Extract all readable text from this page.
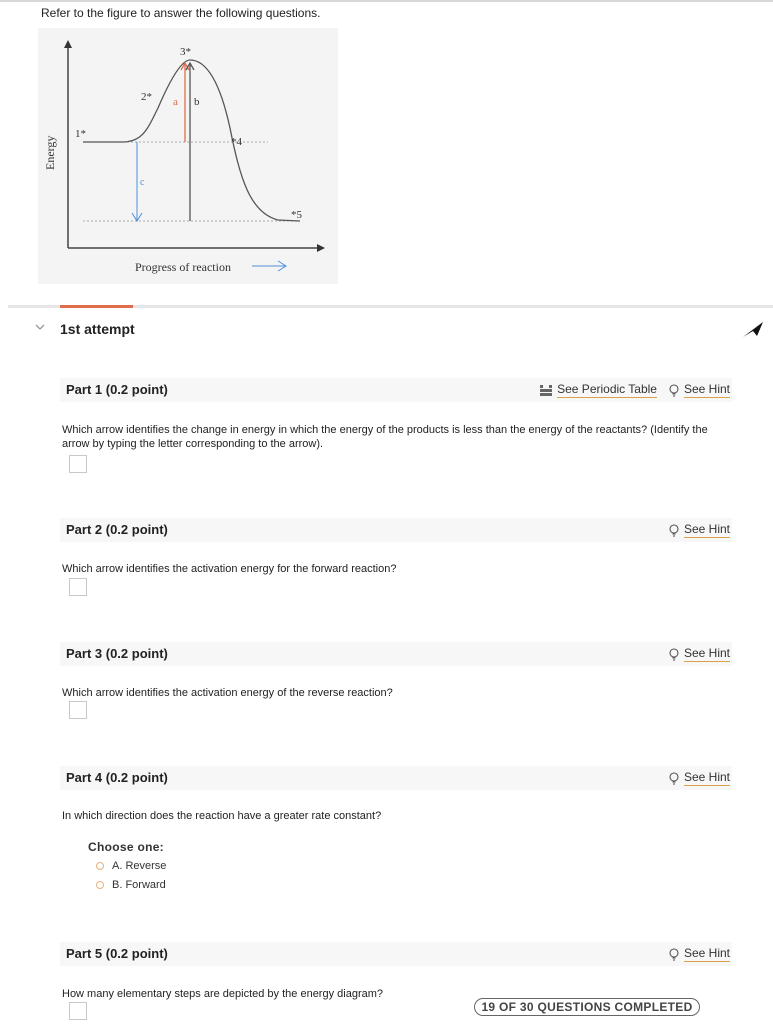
Refer to the figure to answer the following questions.
a b
c
1*
2*
3*
*4
*5
Energy
Progress of reaction
1st attempt
Part 1 (0.2 point)	See Periodic Table See Hint
Which arrow identifies the change in energy in which the energy of the products is less than the energy of the reactants? (Identify the arrow by typing the letter corresponding to the arrow).
Part 2 (0.2 point)	See Hint
Which arrow identifies the activation energy for the forward reaction?
Part 3 (0.2 point)	See Hint
Which arrow identifies the activation energy of the reverse reaction?
Part 4 (0.2 point)	See Hint
In which direction does the reaction have a greater rate constant?
Choose one:
A. Reverse
B. Forward
Part 5 (0.2 point)	See Hint
How many elementary steps are depicted by the energy diagram?
19 OF 30 QUESTIONS COMPLETED
